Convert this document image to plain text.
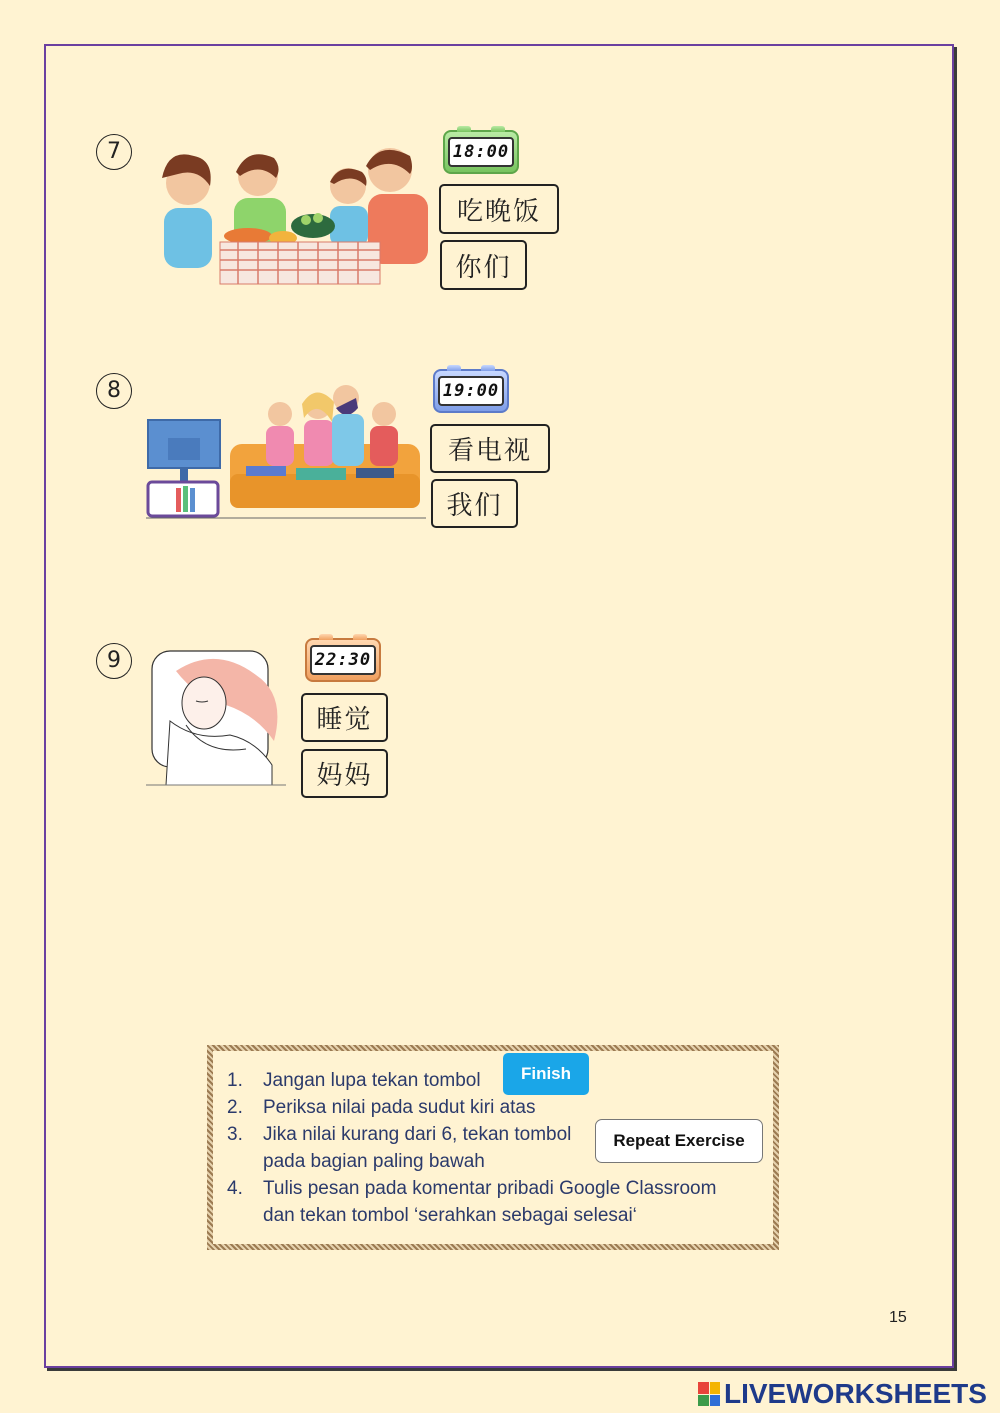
7	18:00
吃晚饭
你们
8	19:00
看电视
我们
9	22:30
睡觉
妈妈
1. Jangan lupa tekan tombol
2. Periksa nilai pada sudut kiri atas
3. Jika nilai kurang dari 6, tekan tombol
pada bagian paling bawah
4. Tulis pesan pada komentar pribadi Google Classroom
dan tekan tombol ‘serahkan sebagai selesai‘
Finish
Repeat Exercise
15
LIVEWORKSHEETS
